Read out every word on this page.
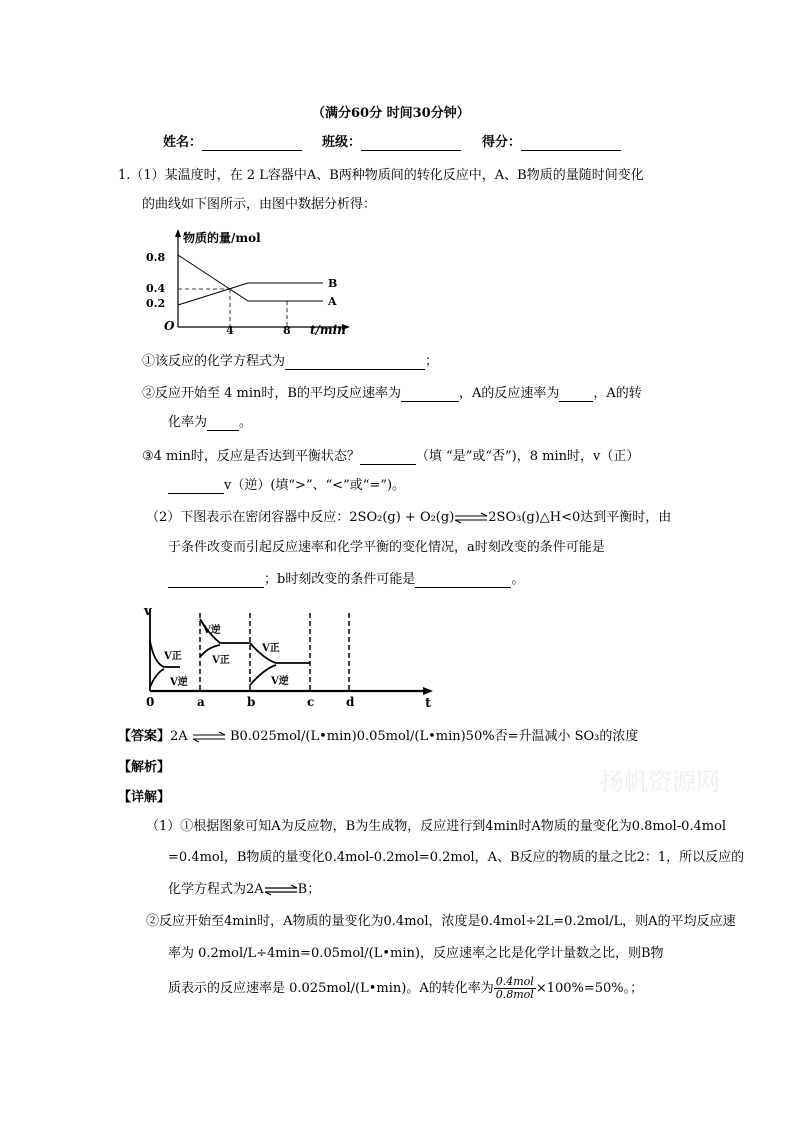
（满分60分 时间30分钟）
姓名：	班级：	得分：
1.（1）某温度时，在 2 L容器中A、B两种物质间的转化反应中，A、B物质的量随时间变化
的曲线如下图所示，由图中数据分析得：
物质的量/mol
O	t/min
0.8
0.4
0.2
4	8
B
A
①该反应的化学方程式为	；
②反应开始至 4 min时，B的平均反应速率为	，A的反应速率为	，A的转
化率为 。
③4 min时，反应是否达到平衡状态？	（填 “是”或“否”)，8 min时，v（正）
v（逆）(填“>”、“<”或“=”)。
（2）下图表示在密闭容器中反应：2SO₂(g) + O₂(g)⇌2SO₃(g)△H<0达到平衡时，由
于条件改变而引起反应速率和化学平衡的变化情况，a时刻改变的条件可能是
；b时刻改变的条件可能是	。
v
t
0	a	b	c	d
V正
V逆
V逆
V正
V正
V逆
【答案】2A ⇌ B0.025mol/(L•min)0.05mol/(L•min)50%否=升温减小 SO₃的浓度
【解析】
扬帆资源网
【详解】
（1）①根据图象可知A为反应物，B为生成物，反应进行到4min时A物质的量变化为0.8mol-0.4mol
=0.4mol，B物质的量变化0.4mol-0.2mol=0.2mol，A、B反应的物质的量之比2：1，所以反应的
化学方程式为2A⇌B；
②反应开始至4min时，A物质的量变化为0.4mol，浓度是0.4mol÷2L=0.2mol/L，则A的平均反应速
率为 0.2mol/L÷4min=0.05mol/(L•min)，反应速率之比是化学计量数之比，则B物
质表示的反应速率是 0.025mol/(L•min)。A的转化率为 $\frac{\text{0.4mol}}{\text{0.8mol}} \times 100\%=50\%$。；
